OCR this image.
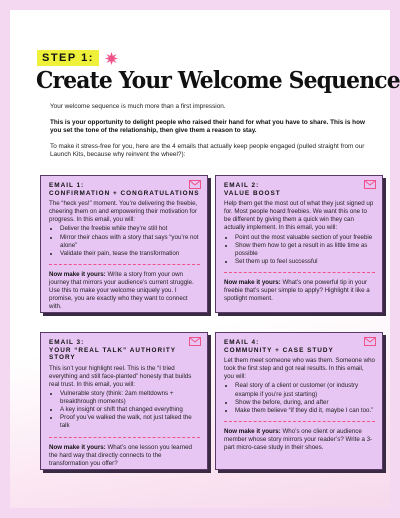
STEP 1:
Create Your Welcome Sequence

Your welcome sequence is much more than a first impression.

This is your opportunity to delight people who raised their hand for what you have to share. This is how you set the tone of the relationship, then give them a reason to stay.

To make it stress-free for you, here are the 4 emails that actually keep people engaged (pulled straight from our Launch Kits, because why reinvent the wheel?):

EMAIL 1:
CONFIRMATION + CONGRATULATIONS
The “heck yes!” moment. You’re delivering the freebie, cheering them on and empowering their motivation for progress. In this email, you will:
• Deliver the freebie while they’re still hot
• Mirror their chaos with a story that says “you’re not alone”
• Validate their pain, tease the transformation
Now make it yours: Write a story from your own journey that mirrors your audience’s current struggle. Use this to make your welcome uniquely you. I promise, you are exactly who they want to connect with.
EMAIL 2:
VALUE BOOST
Help them get the most out of what they just signed up for. Most people hoard freebies. We want this one to be different by giving them a quick win they can actually implement. In this email, you will:
• Point out the most valuable section of your freebie
• Show them how to get a result in as little time as possible
• Set them up to feel successful
Now make it yours: What’s one powerful tip in your freebie that’s super simple to apply? Highlight it like a spotlight moment.
EMAIL 3:
YOUR “REAL TALK” AUTHORITY STORY
This isn’t your highlight reel. This is the “I tried everything and still face-planted” honesty that builds real trust. In this email, you will:
• Vulnerable story (think: 2am meltdowns + breakthrough moments)
• A key insight or shift that changed everything
• Proof you’ve walked the walk, not just talked the talk
Now make it yours: What’s one lesson you learned the hard way that directly connects to the transformation you offer?
EMAIL 4:
COMMUNITY + CASE STUDY
Let them meet someone who was them. Someone who took the first step and got real results. In this email, you will:
• Real story of a client or customer (or industry example if you’re just starting)
• Show the before, during, and after
• Make them believe “if they did it, maybe I can too.”
Now make it yours: Who’s one client or audience member whose story mirrors your reader’s? Write a 3-part micro-case study in their shoes.
